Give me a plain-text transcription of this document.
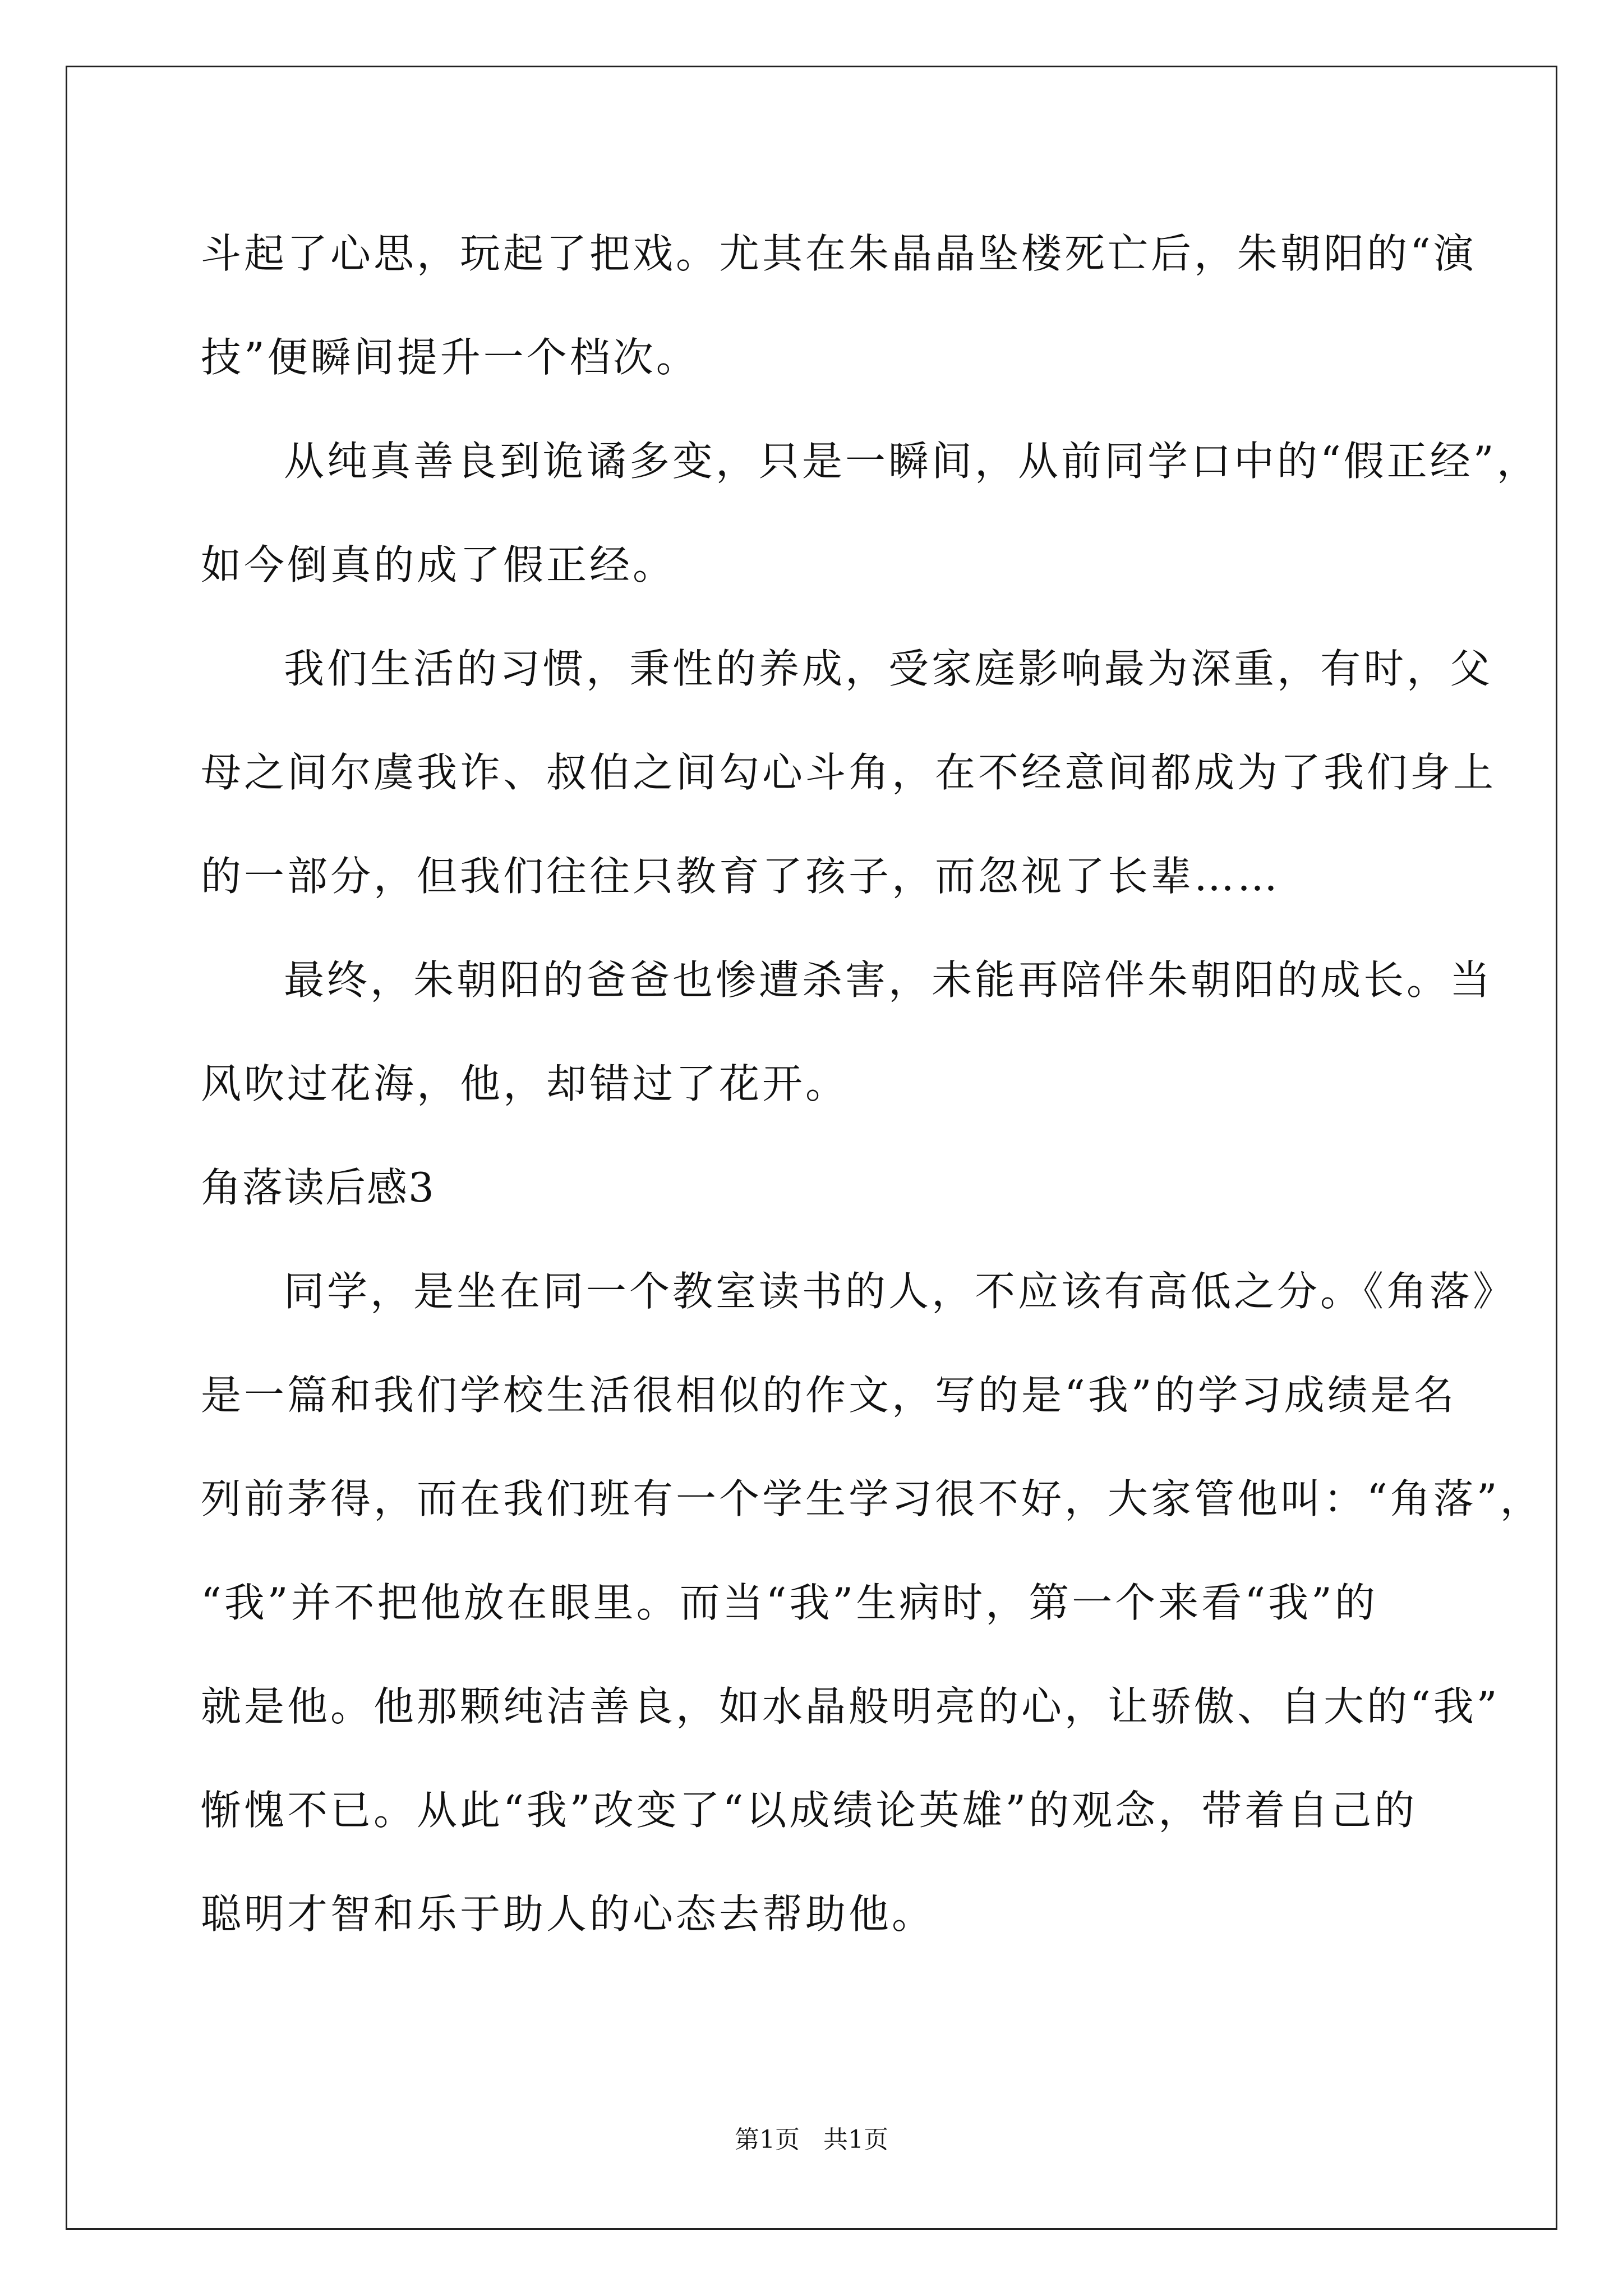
斗起了心思，玩起了把戏。尤其在朱晶晶坠楼死亡后，朱朝阳的“演
技”便瞬间提升一个档次。
从纯真善良到诡谲多变，只是一瞬间，从前同学口中的“假正经”，
如今倒真的成了假正经。
我们生活的习惯，秉性的养成，受家庭影响最为深重，有时，父
母之间尔虞我诈、叔伯之间勾心斗角，在不经意间都成为了我们身上
的一部分，但我们往往只教育了孩子，而忽视了长辈……
最终，朱朝阳的爸爸也惨遭杀害，未能再陪伴朱朝阳的成长。当
风吹过花海，他，却错过了花开。
角落读后感3
同学，是坐在同一个教室读书的人，不应该有高低之分。《角落》
是一篇和我们学校生活很相似的作文，写的是“我”的学习成绩是名
列前茅得，而在我们班有一个学生学习很不好，大家管他叫：“角落”，
“我”并不把他放在眼里。而当“我”生病时，第一个来看“我”的
就是他。他那颗纯洁善良，如水晶般明亮的心，让骄傲、自大的“我”
惭愧不已。从此“我”改变了“以成绩论英雄”的观念，带着自己的
聪明才智和乐于助人的心态去帮助他。
第1页 共1页
